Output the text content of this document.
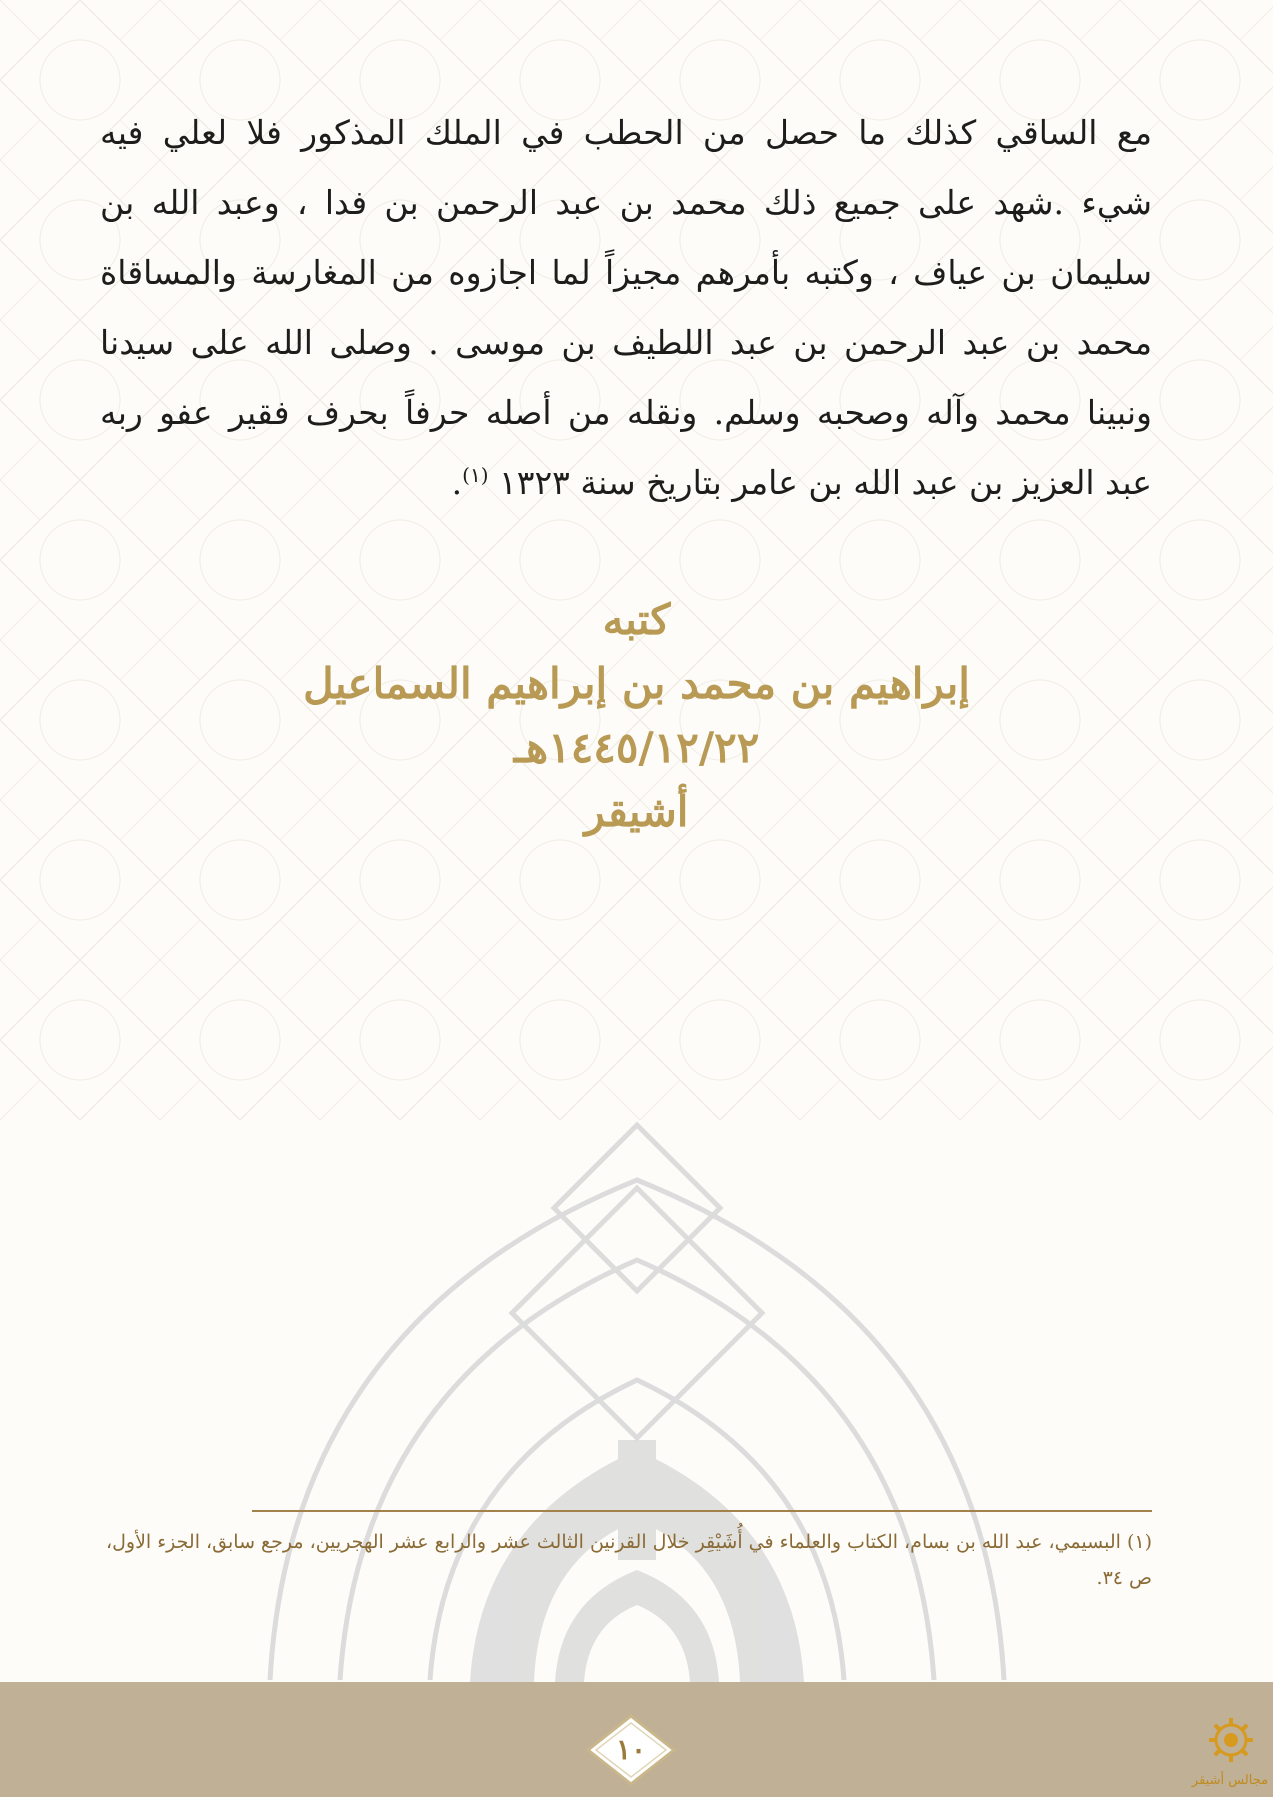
مع الساقي كذلك ما حصل من الحطب في الملك المذكور فلا لعلي فيه
شيء .شهد على جميع ذلك محمد بن عبد الرحمن بن فدا ، وعبد الله بن
سليمان بن عياف ، وكتبه بأمرهم مجيزاً لما اجازوه من المغارسة والمساقاة
محمد بن عبد الرحمن بن عبد اللطيف بن موسى . وصلى الله على سيدنا
ونبينا محمد وآله وصحبه وسلم. ونقله من أصله حرفاً بحرف فقير عفو ربه
عبد العزيز بن عبد الله بن عامر بتاريخ سنة ١٣٢٣ $^{(١)}$.
كتبه
إبراهيم بن محمد بن إبراهيم السماعيل
١٤٤٥/١٢/٢٢هـ
أشيقر
(١) البسيمي، عبد الله بن بسام، الكتاب والعلماء في أُشَيْقِر خلال القرنين الثالث عشر والرابع عشر الهجريين، مرجع سابق، الجزء الأول، ص ٣٤.
١٠
مجالس أشيقر
